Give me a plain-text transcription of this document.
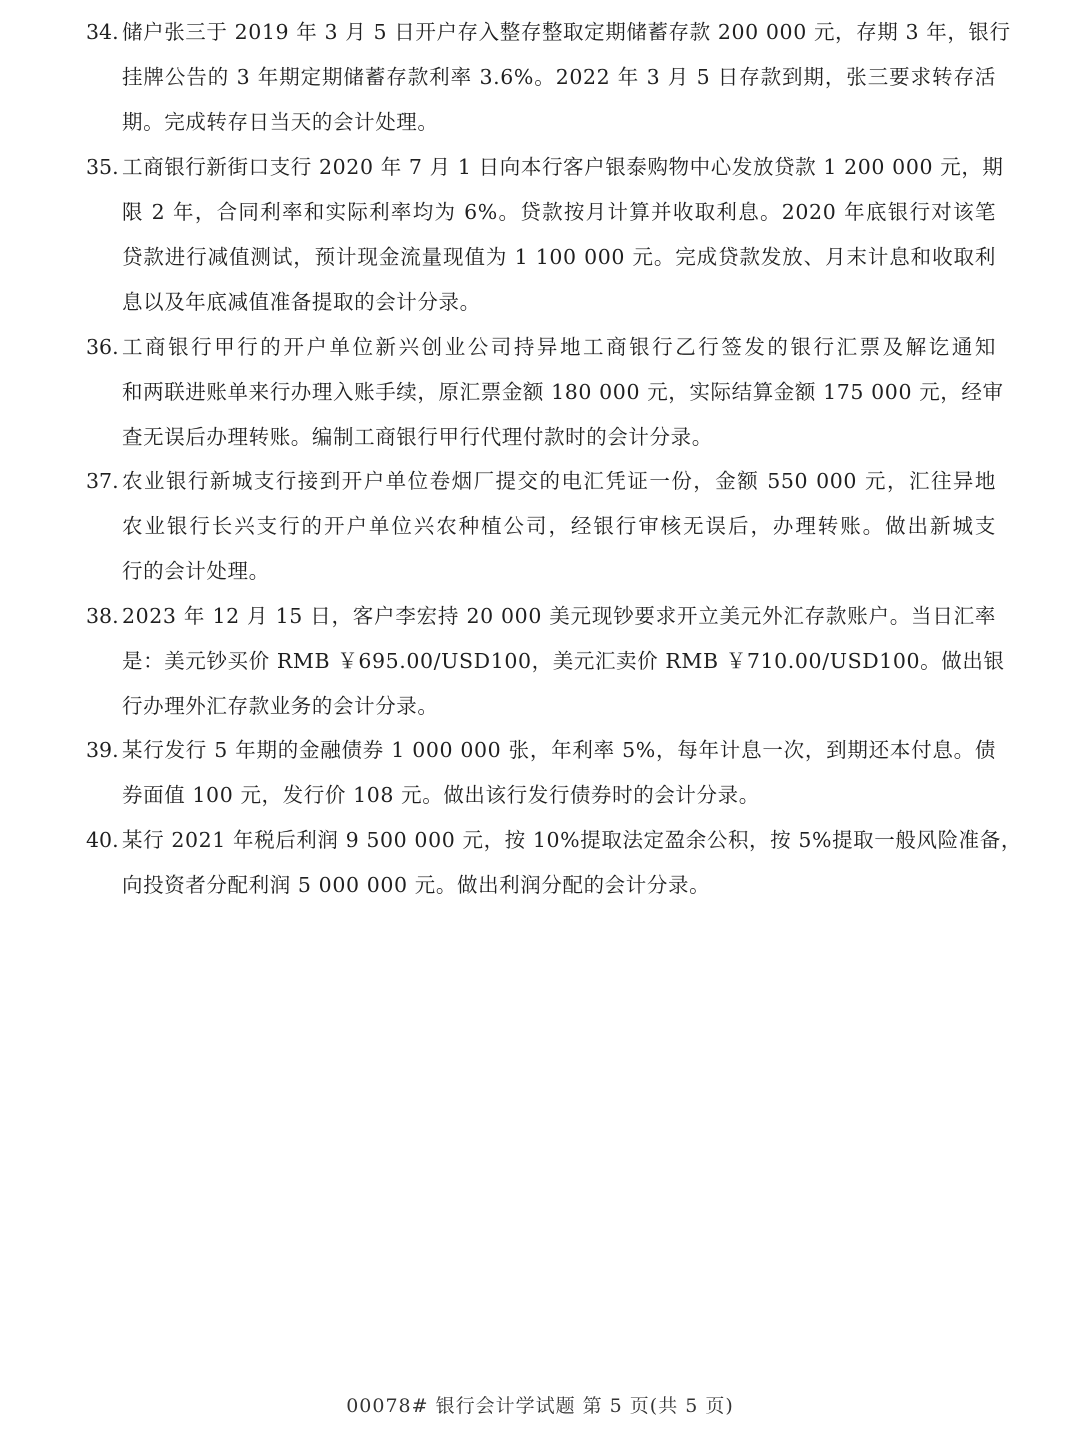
34. 储户张三于 2019 年 3 月 5 日开户存入整存整取定期储蓄存款 200 000 元，存期 3 年，银行
挂牌公告的 3 年期定期储蓄存款利率 3.6%。2022 年 3 月 5 日存款到期，张三要求转存活
期。完成转存日当天的会计处理。
35. 工商银行新街口支行 2020 年 7 月 1 日向本行客户银泰购物中心发放贷款 1 200 000 元，期
限 2 年，合同利率和实际利率均为 6%。贷款按月计算并收取利息。2020 年底银行对该笔
贷款进行减值测试，预计现金流量现值为 1 100 000 元。完成贷款发放、月末计息和收取利
息以及年底减值准备提取的会计分录。
36. 工商银行甲行的开户单位新兴创业公司持异地工商银行乙行签发的银行汇票及解讫通知
和两联进账单来行办理入账手续，原汇票金额 180 000 元，实际结算金额 175 000 元，经审
查无误后办理转账。编制工商银行甲行代理付款时的会计分录。
37. 农业银行新城支行接到开户单位卷烟厂提交的电汇凭证一份，金额 550 000 元，汇往异地
农业银行长兴支行的开户单位兴农种植公司，经银行审核无误后，办理转账。做出新城支
行的会计处理。
38. 2023 年 12 月 15 日，客户李宏持 20 000 美元现钞要求开立美元外汇存款账户。当日汇率
是：美元钞买价 RMB ￥695.00/USD100，美元汇卖价 RMB ￥710.00/USD100。做出银
行办理外汇存款业务的会计分录。
39. 某行发行 5 年期的金融债券 1 000 000 张，年利率 5%，每年计息一次，到期还本付息。债
券面值 100 元，发行价 108 元。做出该行发行债券时的会计分录。
40. 某行 2021 年税后利润 9 500 000 元，按 10%提取法定盈余公积，按 5%提取一般风险准备，
向投资者分配利润 5 000 000 元。做出利润分配的会计分录。
00078# 银行会计学试题 第 5 页(共 5 页)
